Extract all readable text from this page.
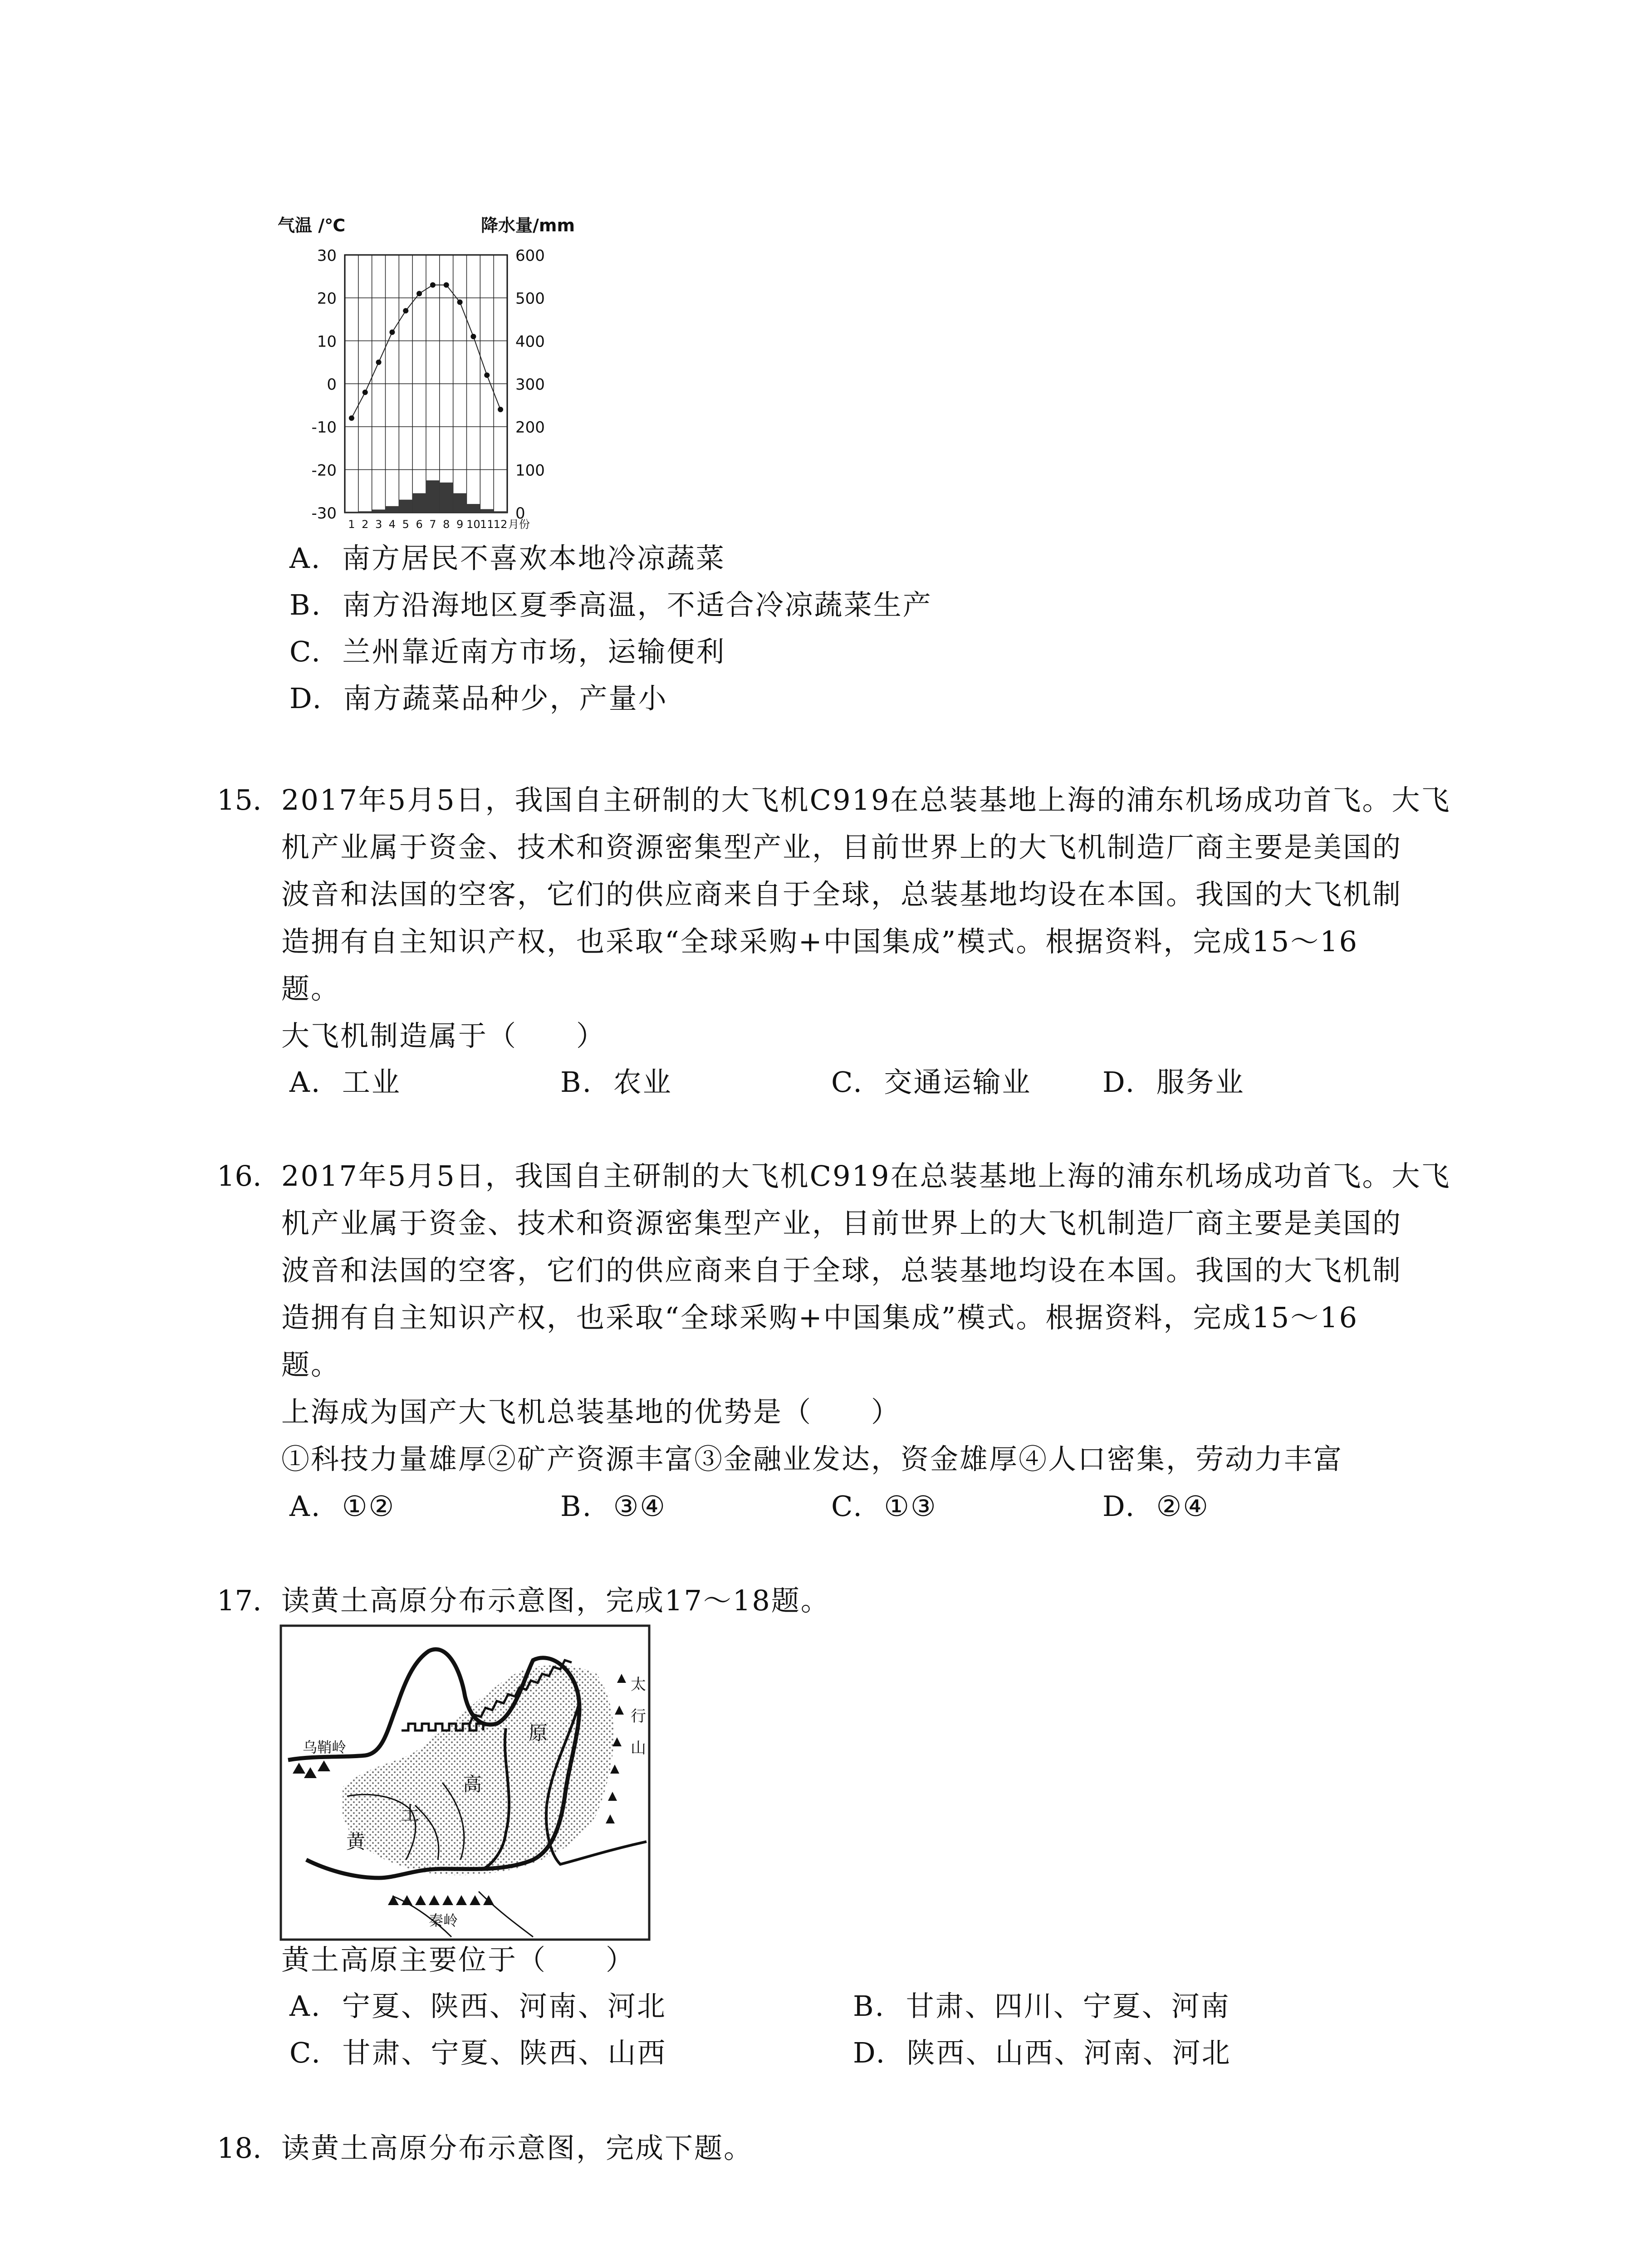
气温 /℃	降水量/mm
30
20
10
0
-10
-20
-30
600
500
400
300
200
100
0
1 2 3 4 5 6 7 8 9 10 11 12 月份
A. 南方居民不喜欢本地冷凉蔬菜
B. 南方沿海地区夏季高温，不适合冷凉蔬菜生产
C. 兰州靠近南方市场，运输便利
D. 南方蔬菜品种少，产量小
15. 2017年5月5日，我国自主研制的大飞机C919在总装基地上海的浦东机场成功首飞。大飞
机产业属于资金、技术和资源密集型产业，目前世界上的大飞机制造厂商主要是美国的
波音和法国的空客，它们的供应商来自于全球，总装基地均设在本国。我国的大飞机制
造拥有自主知识产权，也采取“全球采购+中国集成”模式。根据资料，完成15～16
题。
大飞机制造属于（　　）
A. 工业	B. 农业	C. 交通运输业	D. 服务业
16. 2017年5月5日，我国自主研制的大飞机C919在总装基地上海的浦东机场成功首飞。大飞
机产业属于资金、技术和资源密集型产业，目前世界上的大飞机制造厂商主要是美国的
波音和法国的空客，它们的供应商来自于全球，总装基地均设在本国。我国的大飞机制
造拥有自主知识产权，也采取“全球采购+中国集成”模式。根据资料，完成15～16
题。
上海成为国产大飞机总装基地的优势是（　　）
①科技力量雄厚②矿产资源丰富③金融业发达，资金雄厚④人口密集，劳动力丰富
A. ①②	B. ③④	C. ①③	D. ②④
17. 读黄土高原分布示意图，完成17～18题。
乌鞘岭
太
行
山
秦岭
黄
土
高
原
黄土高原主要位于（　　）
A. 宁夏、陕西、河南、河北	B. 甘肃、四川、宁夏、河南
C. 甘肃、宁夏、陕西、山西	D. 陕西、山西、河南、河北
18. 读黄土高原分布示意图，完成下题。
